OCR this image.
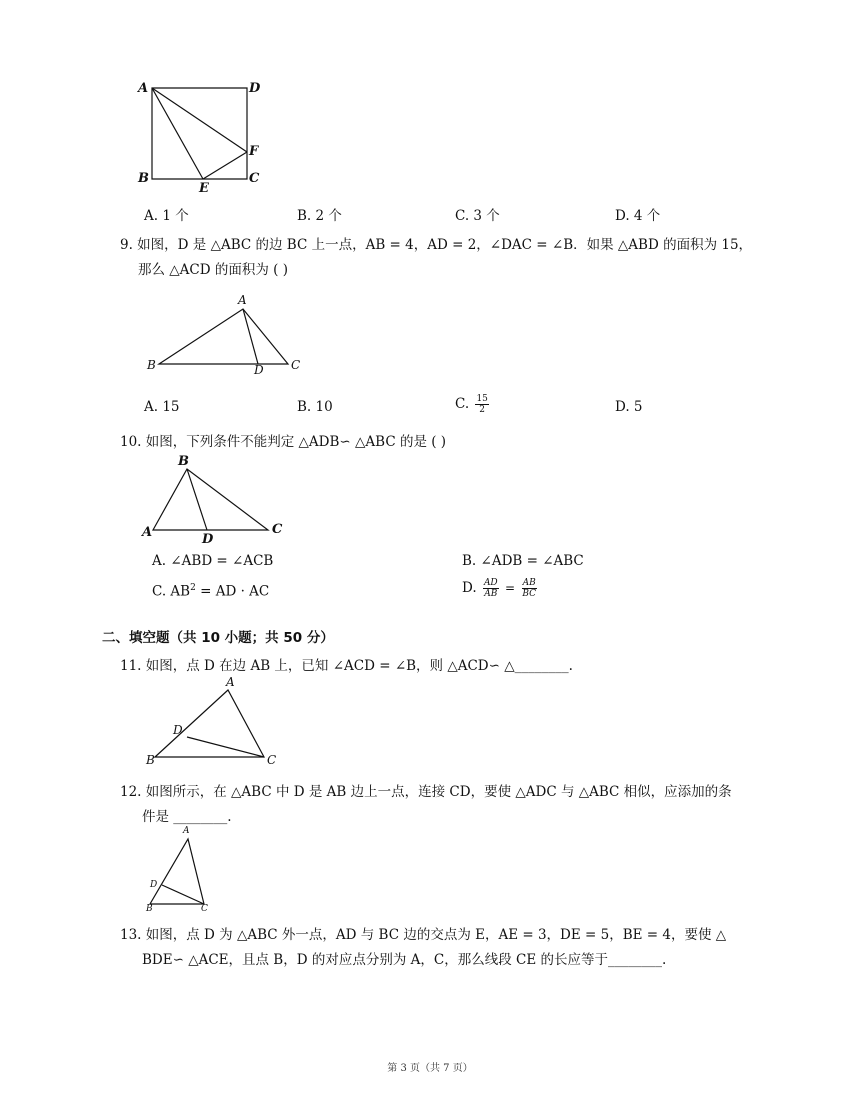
A	D
F
B	C
E
A. 1 个	B. 2 个	C. 3 个	D. 4 个
9. 如图，D 是 △ABC 的边 BC 上一点，AB = 4，AD = 2，∠DAC = ∠B．如果 △ABD 的面积为 15，
那么 △ACD 的面积为 ( )
A
B	D C
A. 15	B. 10	C. $\frac{15}{2}$	D. 5
10. 如图，下列条件不能判定 △ADB∽ △ABC 的是 ( )
B
A	D
C
A. ∠ABD = ∠ACB	B. ∠ADB = ∠ABC
C. $AB^2$ = AD · AC	D. $\frac{AD}{AB} = \frac{AB}{BC}$
二、填空题（共 10 小题；共 50 分）
11. 如图，点 D 在边 AB 上，已知 ∠ACD = ∠B，则 △ACD∽ △________.
A
D
B	C
12. 如图所示，在 △ABC 中 D 是 AB 边上一点，连接 CD，要使 △ADC 与 △ABC 相似，应添加的条
件是 ________.
A
D
B	C
13. 如图，点 D 为 △ABC 外一点，AD 与 BC 边的交点为 E，AE = 3，DE = 5，BE = 4，要使 △
BDE∽ △ACE，且点 B，D 的对应点分别为 A，C，那么线段 CE 的长应等于________.
第 3 页（共 7 页）
